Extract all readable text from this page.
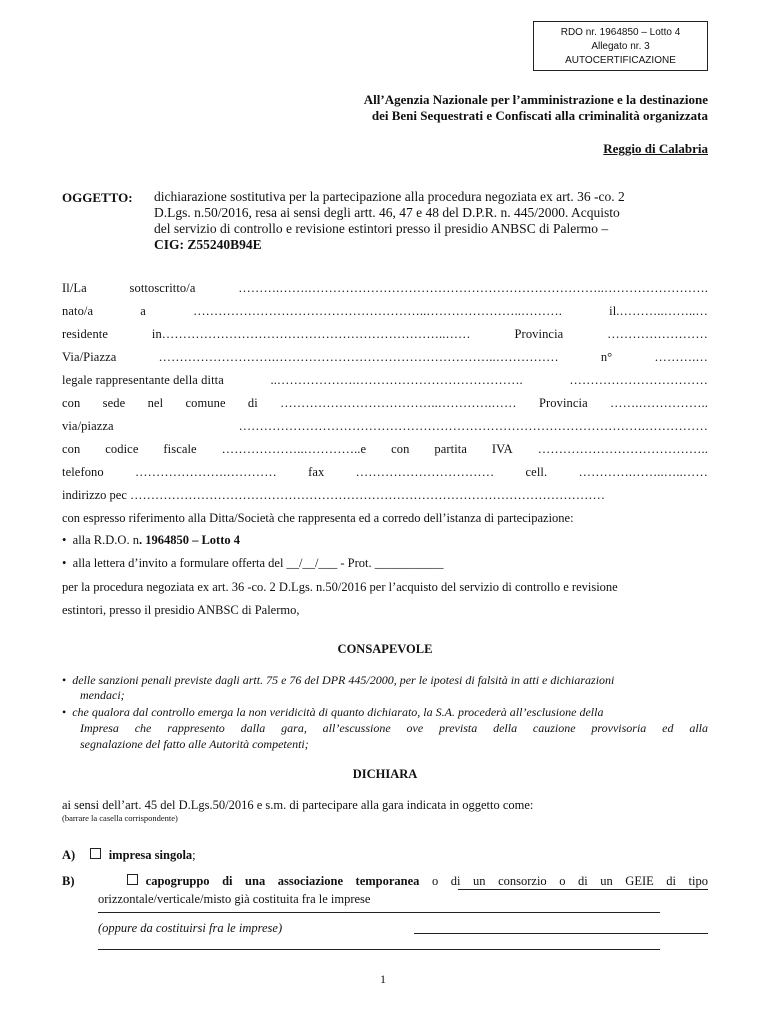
RDO nr. 1964850 – Lotto 4
Allegato nr. 3
AUTOCERTIFICAZIONE
All’Agenzia Nazionale per l’amministrazione e la destinazione
dei Beni Sequestrati e Confiscati alla criminalità organizzata
Reggio di Calabria
OGGETTO: dichiarazione sostitutiva per la partecipazione alla procedura negoziata ex art. 36 -co. 2
D.Lgs. n.50/2016, resa ai sensi degli artt. 46, 47 e 48 del D.P.R. n. 445/2000. Acquisto
del servizio di controllo e revisione estintori presso il presidio ANBSC di Palermo –
CIG: Z55240B94E
Il/La	sottoscritto/a	……….…….……………………………………………………………..…………………….
nato/a	a	………………………………………………..…………………..……….	il.………..……..…
residente	in…………………………………………………………..……	Provincia	……………………
Via/Piazza	……………………….……………………………………………..……………	n°	……….…
legale rappresentante della ditta	..……………….………………………………….	……………………………
con sede nel comune di ………………………………..………….…… Provincia …….……………..
via/piazza	…………………………………………………………………………………….……………
con codice fiscale ………………..…………..e con partita IVA …………………………………..
telefono	………………….…………	fax	……………………………	cell.	………….……..…..……
indirizzo pec ……………………………………………………………………………………………………
con espresso riferimento alla Ditta/Società che rappresenta ed a corredo dell’istanza di partecipazione:
• alla R.D.O. n. 1964850 – Lotto 4
• alla lettera d’invito a formulare offerta del __/__/___ - Prot. ___________
per la procedura negoziata ex art. 36 -co. 2 D.Lgs. n.50/2016 per l’acquisto del servizio di controllo e revisione
estintori, presso il presidio ANBSC di Palermo,
CONSAPEVOLE
• delle sanzioni penali previste dagli artt. 75 e 76 del DPR 445/2000, per le ipotesi di falsità in atti e dichiarazioni
mendaci;
• che qualora dal controllo emerga la non veridicità di quanto dichiarato, la S.A. procederà all’esclusione della
Impresa che rappresento dalla gara, all’escussione ove prevista della cauzione provvisoria ed alla
segnalazione del fatto alle Autorità competenti;
DICHIARA
ai sensi dell’art. 45 del D.Lgs.50/2016 e s.m. di partecipare alla gara indicata in oggetto come:
(barrare la casella corrispondente)
A)	impresa singola;
B)	capogruppo di una associazione temporanea o di un consorzio o di un GEIE di tipo
orizzontale/verticale/misto già costituita fra le imprese
(oppure da costituirsi fra le imprese)
1
